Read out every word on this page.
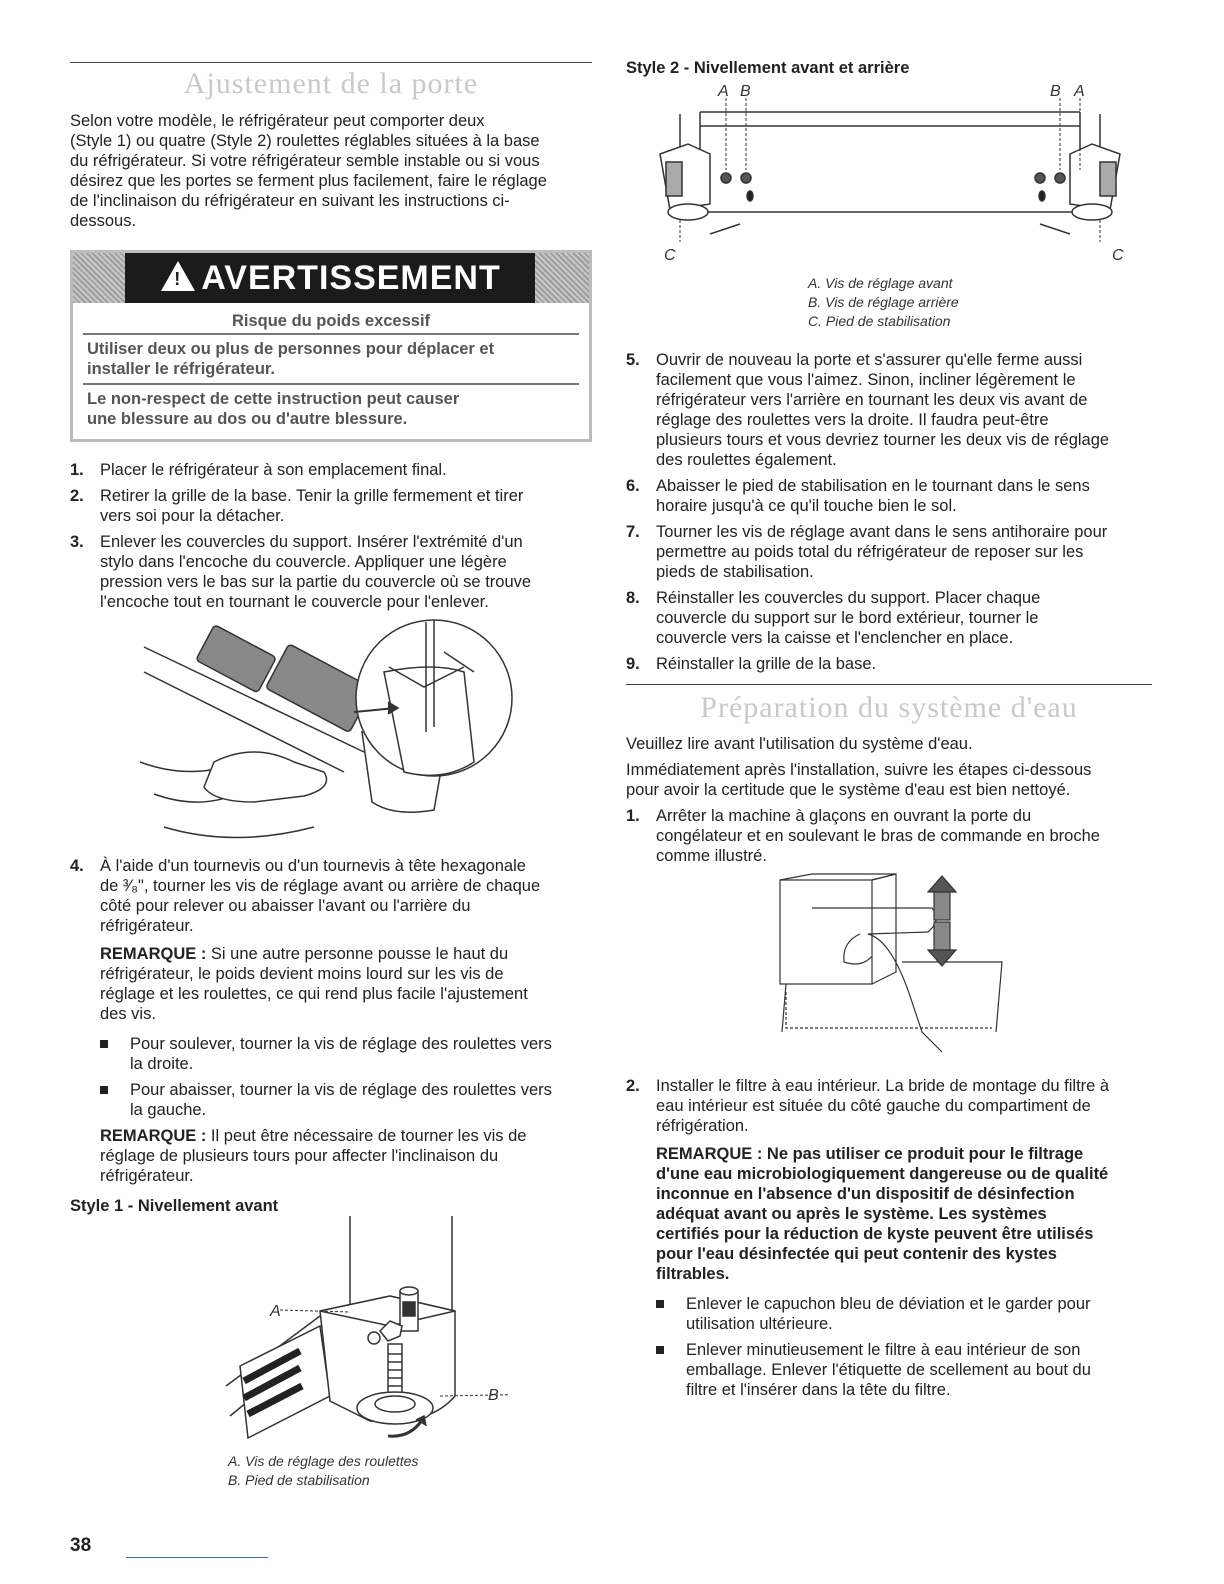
Ajustement de la porte

Selon votre modèle, le réfrigérateur peut comporter deux

(Style 1) ou quatre (Style 2) roulettes réglables situées à la base

du réfrigérateur. Si votre réfrigérateur semble instable ou si vous

désirez que les portes se ferment plus facilement, faire le réglage

de l'inclinaison du réfrigérateur en suivant les instructions ci-

dessous.

! AVERTISSEMENT
Risque du poids excessif

Utiliser deux ou plus de personnes pour déplacer et

installer le réfrigérateur.

Le non-respect de cette instruction peut causer

une blessure au dos ou d'autre blessure.

1. Placer le réfrigérateur à son emplacement final.

2. Retirer la grille de la base. Tenir la grille fermement et tirer

vers soi pour la détacher.

3. Enlever les couvercles du support. Insérer l'extrémité d'un

stylo dans l'encoche du couvercle. Appliquer une légère

pression vers le bas sur la partie du couvercle où se trouve

l'encoche tout en tournant le couvercle pour l'enlever.

4. À l'aide d'un tournevis ou d'un tournevis à tête hexagonale

de ³⁄₈", tourner les vis de réglage avant ou arrière de chaque

côté pour relever ou abaisser l'avant ou l'arrière du

réfrigérateur.

REMARQUE : Si une autre personne pousse le haut du

réfrigérateur, le poids devient moins lourd sur les vis de

réglage et les roulettes, ce qui rend plus facile l'ajustement

des vis.

Pour soulever, tourner la vis de réglage des roulettes vers

la droite.

Pour abaisser, tourner la vis de réglage des roulettes vers

la gauche.

REMARQUE : Il peut être nécessaire de tourner les vis de

réglage de plusieurs tours pour affecter l'inclinaison du

réfrigérateur.

Style 1 - Nivellement avant
A
B

A. Vis de réglage des roulettes

B. Pied de stabilisation

Style 2 - Nivellement avant et arrière
A B	B A
C	C

A. Vis de réglage avant

B. Vis de réglage arrière

C. Pied de stabilisation

5. Ouvrir de nouveau la porte et s'assurer qu'elle ferme aussi

facilement que vous l'aimez. Sinon, incliner légèrement le

réfrigérateur vers l'arrière en tournant les deux vis avant de

réglage des roulettes vers la droite. Il faudra peut-être

plusieurs tours et vous devriez tourner les deux vis de réglage

des roulettes également.

6. Abaisser le pied de stabilisation en le tournant dans le sens

horaire jusqu'à ce qu'il touche bien le sol.

7. Tourner les vis de réglage avant dans le sens antihoraire pour

permettre au poids total du réfrigérateur de reposer sur les

pieds de stabilisation.

8. Réinstaller les couvercles du support. Placer chaque

couvercle du support sur le bord extérieur, tourner le

couvercle vers la caisse et l'enclencher en place.

9. Réinstaller la grille de la base.

Préparation du système d'eau
Veuillez lire avant l'utilisation du système d'eau.

Immédiatement après l'installation, suivre les étapes ci-dessous

pour avoir la certitude que le système d'eau est bien nettoyé.

1. Arrêter la machine à glaçons en ouvrant la porte du

congélateur et en soulevant le bras de commande en broche

comme illustré.

2. Installer le filtre à eau intérieur. La bride de montage du filtre à

eau intérieur est située du côté gauche du compartiment de

réfrigération.

REMARQUE : Ne pas utiliser ce produit pour le filtrage

d'une eau microbiologiquement dangereuse ou de qualité

inconnue en l'absence d'un dispositif de désinfection

adéquat avant ou après le système. Les systèmes

certifiés pour la réduction de kyste peuvent être utilisés

pour l'eau désinfectée qui peut contenir des kystes

filtrables.

Enlever le capuchon bleu de déviation et le garder pour

utilisation ultérieure.

Enlever minutieusement le filtre à eau intérieur de son

emballage. Enlever l'étiquette de scellement au bout du

filtre et l'insérer dans la tête du filtre.

38
